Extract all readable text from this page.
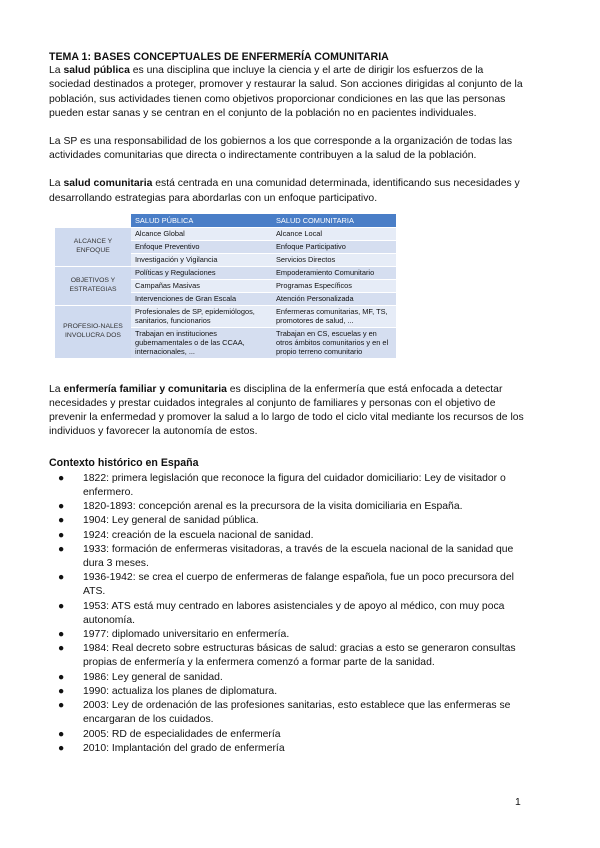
TEMA 1: BASES CONCEPTUALES DE ENFERMERÍA COMUNITARIA

La salud pública es una disciplina que incluye la ciencia y el arte de dirigir los esfuerzos de la sociedad destinados a proteger, promover y restaurar la salud. Son acciones dirigidas al conjunto de la población, sus actividades tienen como objetivos proporcionar condiciones en las que las personas pueden estar sanas y se centran en el conjunto de la población no en pacientes individuales.

La SP es una responsabilidad de los gobiernos a los que corresponde a la organización de todas las actividades comunitarias que directa o indirectamente contribuyen a la salud de la población.

La salud comunitaria está centrada en una comunidad determinada, identificando sus necesidades y desarrollando estrategias para abordarlas con un enfoque participativo.

	SALUD PÚBLICA	SALUD COMUNITARIA
ALCANCE Y ENFOQUE	Alcance Global	Alcance Local
	Enfoque Preventivo	Enfoque Participativo
	Investigación y Vigilancia	Servicios Directos
OBJETIVOS Y ESTRATEGIAS	Políticas y Regulaciones	Empoderamiento Comunitario
	Campañas Masivas	Programas Específicos
	Intervenciones de Gran Escala	Atención Personalizada
PROFESIO-NALES INVOLUCRA DOS	Profesionales de SP, epidemiólogos, sanitarios, funcionarios	Enfermeras comunitarias, MF, TS, promotores de salud, ...
	Trabajan en instituciones gubernamentales o de las CCAA, internacionales, ...	Trabajan en CS, escuelas y en otros ámbitos comunitarios y en el propio terreno comunitario

La enfermería familiar y comunitaria es disciplina de la enfermería que está enfocada a detectar necesidades y prestar cuidados integrales al conjunto de familiares y personas con el objetivo de prevenir la enfermedad y promover la salud a lo largo de todo el ciclo vital mediante los recursos de los individuos y favorecer la autonomía de estos.

Contexto histórico en España
● 1822: primera legislación que reconoce la figura del cuidador domiciliario: Ley de visitador o enfermero.
● 1820-1893: concepción arenal es la precursora de la visita domiciliaria en España.
● 1904: Ley general de sanidad pública.
● 1924: creación de la escuela nacional de sanidad.
● 1933: formación de enfermeras visitadoras, a través de la escuela nacional de la sanidad que dura 3 meses.
● 1936-1942: se crea el cuerpo de enfermeras de falange española, fue un poco precursora del ATS.
● 1953: ATS está muy centrado en labores asistenciales y de apoyo al médico, con muy poca autonomía.
● 1977: diplomado universitario en enfermería.
● 1984: Real decreto sobre estructuras básicas de salud: gracias a esto se generaron consultas propias de enfermería y la enfermera comenzó a formar parte de la sanidad.
● 1986: Ley general de sanidad.
● 1990: actualiza los planes de diplomatura.
● 2003: Ley de ordenación de las profesiones sanitarias, esto establece que las enfermeras se encargaran de los cuidados.
● 2005: RD de especialidades de enfermería
● 2010: Implantación del grado de enfermería
1
